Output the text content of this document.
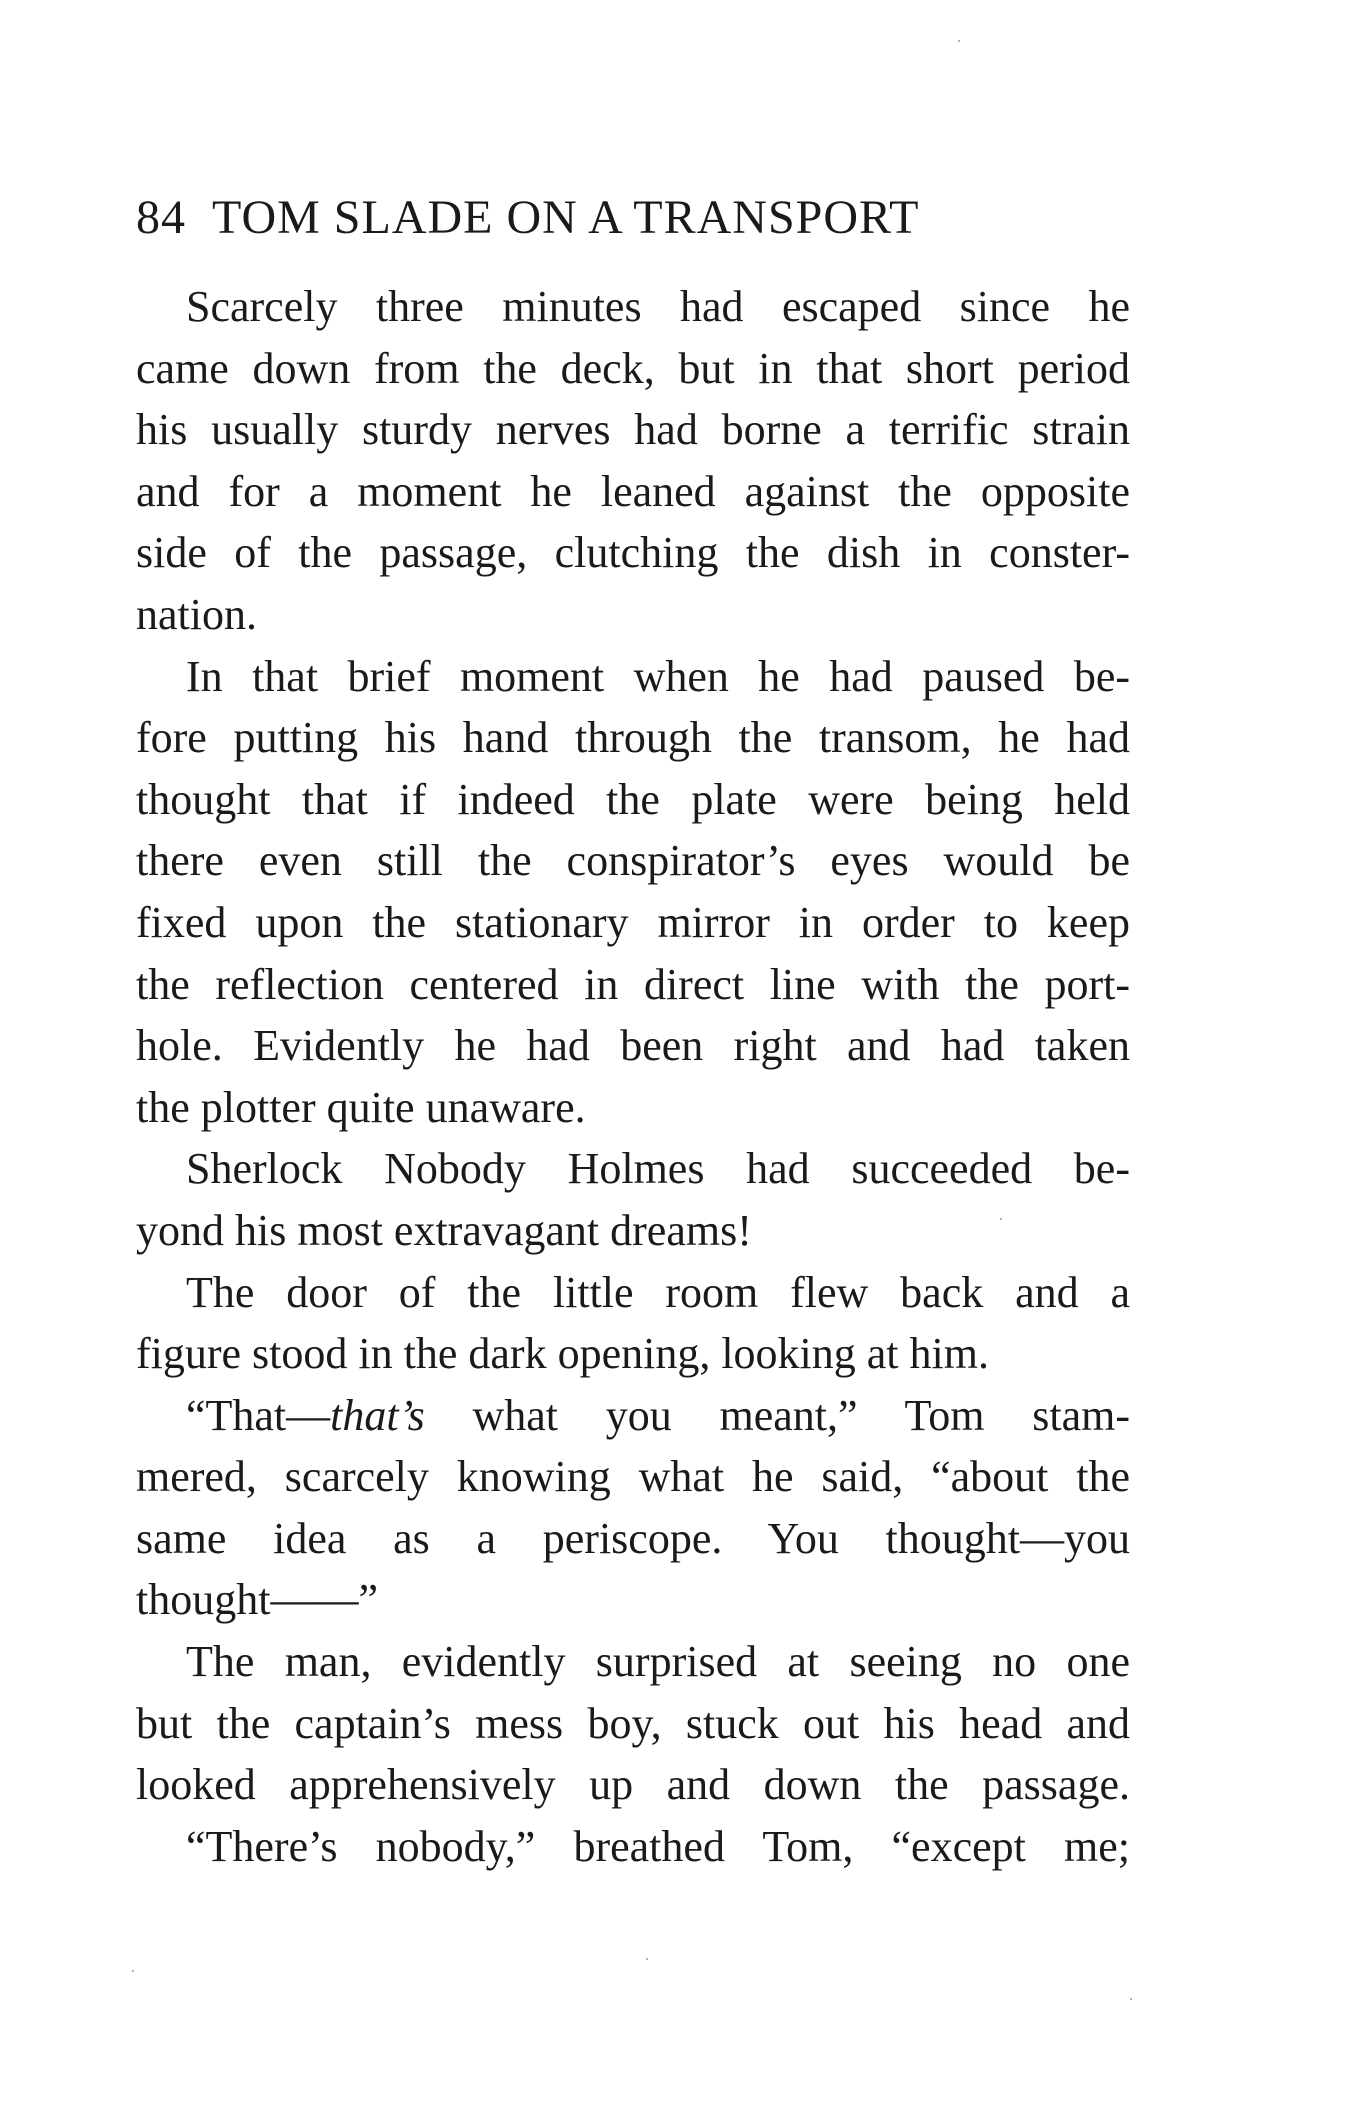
84 TOM SLADE ON A TRANSPORT
Scarcely three minutes had escaped since he
came down from the deck, but in that short period
his usually sturdy nerves had borne a terrific strain
and for a moment he leaned against the opposite
side of the passage, clutching the dish in conster-
nation.
In that brief moment when he had paused be-
fore putting his hand through the transom, he had
thought that if indeed the plate were being held
there even still the conspirator’s eyes would be
fixed upon the stationary mirror in order to keep
the reflection centered in direct line with the port-
hole. Evidently he had been right and had taken
the plotter quite unaware.
Sherlock Nobody Holmes had succeeded be-
yond his most extravagant dreams!
The door of the little room flew back and a
figure stood in the dark opening, looking at him.
“That—that’s what you meant,” Tom stam-
mered, scarcely knowing what he said, “about the
same idea as a periscope. You thought—you
thought——”
The man, evidently surprised at seeing no one
but the captain’s mess boy, stuck out his head and
looked apprehensively up and down the passage.
“There’s nobody,” breathed Tom, “except me;
